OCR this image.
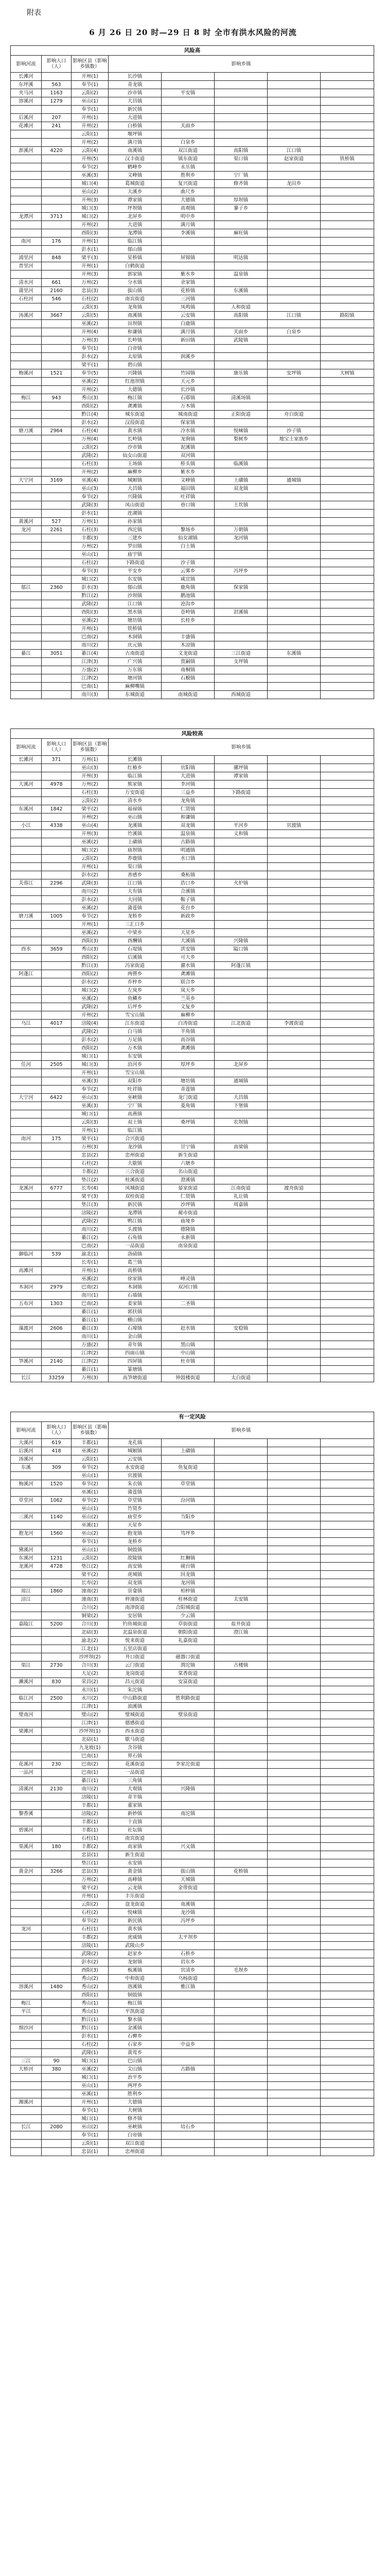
附表
6 月 26 日 20 时—29 日 8 时 全市有洪水风险的河流
风险高							
影响河流	影响人口（人）	影响区县（影响乡镇数）	影响乡镇				
长滩河		开州(1)	长沙镇				
东坪溪	563	奉节(1)	青龙镇				
夹马河	1163	云阳(2)	沙市镇	平安镇			
溶溪河	1279	巫山(1)	大昌镇				
		奉节(1)	新民镇				
后溪河	207	开州(1)	大进镇				
花滩河	241	开州(2)	白桥镇	关面乡			
		云阳(1)	堰坪镇				
		开州(2)	满月镇	白泉乡			
澎溪河	4220	云阳(4)	南溪镇	双江街道	高阳镇	江口镇	
		开州(5)	汉丰街道	镇东街道	渠口镇	赵家街道	铁桥镇
		奉节(2)	鹤峰乡	永乐镇			
		巫溪(3)	文峰镇	胜利乡	宁厂镇		
		城口(4)	葛城街道	复兴街道	修齐镇	龙田乡	
		巫山(2)	大溪乡	曲尺乡			
		开州(3)	谭家镇	大德镇	厚坝镇		
		城口(3)	坪坝镇	高观镇	蓼子乡		
龙潭河	3713	城口(2)	北屏乡	明中乡			
		开州(2)	大进镇	满月镇			
		酉阳(3)	龙潭镇	李溪镇	麻旺镇		
南河	176	开州(1)	临江镇				
		彭水(1)	郁山镇				
浦里河	848	梁平(3)	星桥镇	屏锦镇	明达镇		
普里河		开州(1)	白鹤街道				
		开州(3)	郭家镇	紫水乡	温泉镇		
清水河	661	万州(2)	分水镇	余家镇			
蒲里河	2160	忠县(3)	拔山镇	花桥镇	东溪镇		
石柱河	546	石柱(2)	南宾街道	三河镇			
		云阳(3)	龙角镇	凤鸣镇	人和街道		
汤溪河	3667	云阳(5)	南溪镇	云安镇	高阳镇	江口镇	路阳镇
		巫溪(2)	田坝镇	白鹿镇			
		开州(4)	和谦镇	满月镇	关面乡	白泉乡	
		万州(3)	长岭镇	新田镇	武陵镇		
		奉节(1)	白帝镇				
		彭水(2)	太原镇	润溪乡			
		梁平(1)	碧山镇				
梅溪河	1521	奉节(5)	兴隆镇	竹园镇	康乐镇	安坪镇	大树镇
		巫溪(2)	红池坝镇	天元乡			
		开州(2)	大德镇	长沙镇			
梅江	943	秀山(3)	梅江镇	石耶镇	清溪场镇		
		酉阳(2)	龚滩镇	万木镇			
		黔江(4)	城东街道	城南街道	正阳街道	舟白街道	
		彭水(2)	汉葭街道	保家镇			
磨刀溪	2964	石柱(4)	黄水镇	冷水镇	悦崃镇	沙子镇	
		万州(4)	长岭镇	龙驹镇	梨树乡	地宝土家族乡	
		云阳(2)	沙市镇	泥溪镇			
		武隆(2)	仙女山街道	双河镇			
		石柱(3)	王场镇	桥头镇	临溪镇		
		开州(2)	麻柳乡	紫水乡			
大宁河	3169	巫溪(4)	城厢镇	文峰镇	上磺镇	通城镇	
		巫山(3)	大昌镇	福田镇	双龙镇		
		奉节(2)	兴隆镇	吐祥镇			
		武隆(3)	凤山街道	巷口镇	土坎镇		
		彭水(1)	连湖镇				
黄溪河	527	万州(1)	孙家镇				
龙河	2261	石柱(3)	西沱镇	黎场乡	万朝镇		
		丰都(3)	三建乡	仙女湖镇	龙河镇		
		万州(2)	罗田镇	白土镇			
		巫山(1)	庙宇镇				
		石柱(2)	下路街道	沙子镇			
		奉节(3)	平安乡	云雾乡	冯坪乡		
		城口(2)	东安镇	咸宜镇			
郁江	2360	彭水(3)	郁山镇	鹿角镇	保家镇		
		黔江(2)	沙坝镇	鹅池镇			
		武隆(2)	江口镇	沧沟乡			
		酉阳(3)	黑水镇	苍岭镇	泔溪镇		
		巫溪(2)	塘坊镇	长桂乡			
		开州(1)	铁桥镇				
		巴南(2)	木洞镇	丰盛镇			
		南川(2)	庆元镇	木凉镇			
綦江	3051	綦江(4)	古南街道	文龙街道	三江街道	东溪镇	
		江津(3)	广兴镇	贾嗣镇	支坪镇		
		万盛(2)	万东镇	南桐镇			
		江津(2)	塘河镇	石蟆镇			
		巴南(1)	麻柳嘴镇				
		南川(3)	东城街道	南城街道	西城街道		

风险较高							
影响河流	影响人口（人）	影响区县（影响乡镇数）	影响乡镇				
长滩河	371	万州(1)	长滩镇				
		巫山(3)	红椿乡	官阳镇	骡坪镇		
		开州(3)	临江镇	大进镇	谭家镇		
大溪河	4978	万州(2)	熊家镇	李河镇			
		石柱(3)	万安街道	三益乡	下路街道		
		云阳(2)	清水乡	龙角镇			
东溪河	1842	梁平(2)	福禄镇	仁贤镇			
		开州(2)	巫山镇	和谦镇			
小江	4338	巫山(4)	龙溪镇	双龙镇	平河乡	官渡镇	
		开州(3)	竹溪镇	温泉镇	义和镇		
		巫溪(2)	上磺镇	古路镇			
		城口(2)	庙坝镇	明通镇			
		云阳(2)	养鹿镇	水口镇			
		开州(1)	渠口镇				
		彭水(2)	善感乡	桑柘镇			
芙蓉江	2296	武隆(3)	江口镇	浩口乡	火炉镇		
		南川(2)	大有镇	合溪镇			
		彭水(2)	大同镇	鞍子镇			
		巫溪(2)	蒲莲镇	花台乡			
磨刀溪	1005	奉节(2)	龙桥乡	新政乡			
		开州(1)	三汇口乡				
		巫溪(2)	中梁乡	天星乡			
		酉阳(3)	酉酬镇	大溪镇	兴隆镇		
酉水	3659	秀山(3)	石堤镇	洪安镇	隘口镇		
		酉阳(2)	后溪镇	可大乡			
		黔江(3)	冯家街道	濯水镇	阿蓬江镇		
阿蓬江		酉阳(2)	两罾乡	龚滩镇			
		彭水(2)	乔梓乡	联合乡			
		城口(2)	左岚乡	岚天乡			
		巫溪(2)	鱼鳞乡	兰英乡			
		武隆(2)	后坪乡	文复乡			
		开州(2)	雪宝山镇	麻柳乡			
乌江	4017	涪陵(4)	江东街道	白涛街道	江北街道	李渡街道	
		武隆(2)	白马镇	羊角镇			
		彭水(2)	万足镇	高谷镇			
		酉阳(2)	万木镇	龚滩镇			
		城口(1)	东安镇				
任河	2505	城口(3)	沿河乡	厚坪乡	北屏乡		
		开州(1)	雪宝山镇				
		巫溪(3)	双阳乡	塘坊镇	通城镇		
		奉节(2)	吐祥镇	青莲镇			
大宁河	6422	巫山(3)	巫峡镇	龙门街道	大昌镇		
		巫溪(3)	宁厂镇	菱角镇	下堡镇		
		城口(1)	高燕镇				
		云阳(3)	双土镇	桑坪镇	农坝镇		
		开州(1)	临江镇				
南河	175	梁平(1)	合兴街道				
		万州(3)	龙沙镇	甘宁镇	高梁镇		
		忠县(2)	忠州街道	新生街道			
		石柱(2)	大歇镇	六塘乡			
		丰都(2)	三合街道	名山街道			
		垫江(2)	桂溪街道	澄溪镇			
龙溪河	6777	长寿(4)	凤城街道	晏家街道	江南街道	渡舟街道	
		梁平(3)	双桂街道	仁贤镇	礼让镇		
		垫江(3)	新民镇	沙坪镇	周嘉镇		
		涪陵(2)	龙潭镇	蔺市街道			
		武隆(2)	鸭江镇	庙垭乡			
		南川(2)	头渡镇	德隆镇			
		綦江(2)	石角镇	永新镇			
		巴南(2)	一品街道	南泉街道			
御临河	539	渝北(1)	洛碛镇				
		长寿(1)	葛兰镇				
高滩河		开州(1)	高桥镇				
		巫溪(2)	徐家镇	峰灵镇			
木洞河	2979	巴南(2)	木洞镇	双河口镇			
		南川(1)	石墙镇				
五布河	1303	巴南(2)	姜家镇	二圣镇			
		綦江(1)	郭扶镇				
		綦江(1)	横山镇				
藻渡河	2606	綦江(3)	石壕镇	赶水镇	安稳镇		
		南川(1)	金山镇				
		万盛(2)	青年镇	黑山镇			
		江津(2)	四面山镇	中山镇			
笋溪河	2140	江津(2)	四屏镇	杜市镇			
		綦江(1)	篆塘镇				
长江	33259	万州(3)	高笋塘街道	钟鼓楼街道	太白街道		

有一定风险							
影响河流	影响人口（人）	影响区县（影响乡镇数）	影响乡镇				
大溪河	619	丰都(1)	龙孔镇				
后溪河	418	巫溪(2)	城厢镇	上磺镇			
汤溪河		云阳(1)	云安镇				
东溪	309	奉节(2)	永安街道	鱼复街道			
		巫山(1)	官渡镇				
梅溪河	1520	奉节(2)	朱衣镇	草堂镇			
		巫溪(1)	蒲莲镇				
草堂河	1062	奉节(2)	草堂镇	汾河镇			
		巫山(1)	竹贤乡				
三溪河	1140	巫山(2)	庙堂乡	当阳乡			
		巫溪(1)	天星乡				
抱龙河	1560	巫山(2)	抱龙镇	笃坪乡			
		奉节(1)	龙桥乡				
黛溪河		巫山(1)	铜鼓镇				
东溪河	1231	云阳(2)	故陵镇	红狮镇			
龙溪河	4728	垫江(2)	高安镇	砚台镇			
		梁平(2)	虎城镇	回龙镇			
		长寿(2)	双龙镇	龙河镇			
琼江	1860	潼南(2)	崇龛镇	柏梓镇			
涪江		潼南(3)	梓潼街道	桂林街道	太安镇		
		合川(2)	南津街道	合阳城街道			
		铜梁(2)	安居镇	少云镇			
嘉陵江	5200	合川(3)	钓鱼城街道	草街街道	盐井街道		
		北碚(3)	北温泉街道	朝阳街道	澄江镇		
		渝北(2)	悦来街道	礼嘉街道			
		江北(1)	五里店街道				
		沙坪坝(2)	井口街道	磁器口街道			
渠江	2730	合川(3)	云门街道	渭沱镇	古楼镇		
		大足(2)	龙岗街道	棠香街道			
濑溪河	830	荣昌(2)	昌元街道	安富街道			
		永川(1)	朱沱镇				
临江河	2500	永川(2)	中山路街道	胜利路街道			
		江津(1)	油溪镇				
璧南河		璧山(2)	璧城街道	璧泉街道			
		江津(1)	德感街道				
梁滩河		沙坪坝(1)	西永街道				
		北碚(1)	歇马街道				
		九龙坡(1)	含谷镇				
		巴南(1)	界石镇				
花溪河	230	巴南(2)	花溪街道	李家沱街道			
一品河		巴南(1)	一品街道				
		綦江(1)	三角镇				
清溪河	2130	南川(2)	大观镇	兴隆镇			
		涪陵(1)	青羊镇				
		丰都(1)	董家镇				
黎香溪		涪陵(2)	新妙镇	南沱镇			
		丰都(1)	十直镇				
碧溪河		丰都(1)	社坛镇				
		石柱(1)	南宾街道				
渠溪河	180	丰都(2)	高家镇	兴义镇			
		忠县(1)	新生街道				
		垫江(1)	永安镇				
黄金河	3266	忠县(3)	黄金镇	拔山镇	花桥镇		
		万州(2)	高峰镇	天城镇			
		梁平(2)	云龙镇	金带街道			
		开州(1)	丰乐街道				
		云阳(2)	盘龙街道	南溪镇			
		石柱(2)	悦崃镇	龙沙镇			
		奉节(2)	新民镇	冯坪乡			
龙河		石柱(1)	黄水镇				
		丰都(2)	虎威镇	太平坝乡			
		涪陵(1)	武陵山乡				
		武隆(2)	赵家乡	石桥乡			
		彭水(2)	龙射镇	岩东乡			
		酉阳(3)	板溪镇	官清乡	毛坝乡		
		秀山(2)	中和街道	乌杨街道			
溶溪河	1480	秀山(2)	溶溪镇	雅江镇			
		酉阳(1)	铜鼓镇				
梅江		秀山(1)	梅江镇				
平江		秀山(1)	平凯街道				
		黔江(1)	黎水镇				
细沙河		黔江(1)	金溪镇				
		彭水(1)	石柳乡				
		石柱(2)	石家乡	中益乡			
		武隆(1)	黄莺乡				
三江	90	城口(1)	巴山镇				
大桥河	380	巫溪(2)	尖山镇	古路镇			
		城口(1)	治平乡				
		巫山(1)	两坪乡				
		巫溪(1)	胜利乡				
湘溪河		开州(1)	大德镇				
		奉节(1)	大树镇				
		城口(1)	修齐镇				
长江	2080	巫山(2)	巫峡镇	培石乡			
		奉节(1)	白帝镇				
		云阳(1)	双江街道				
		忠县(1)	忠州街道				
